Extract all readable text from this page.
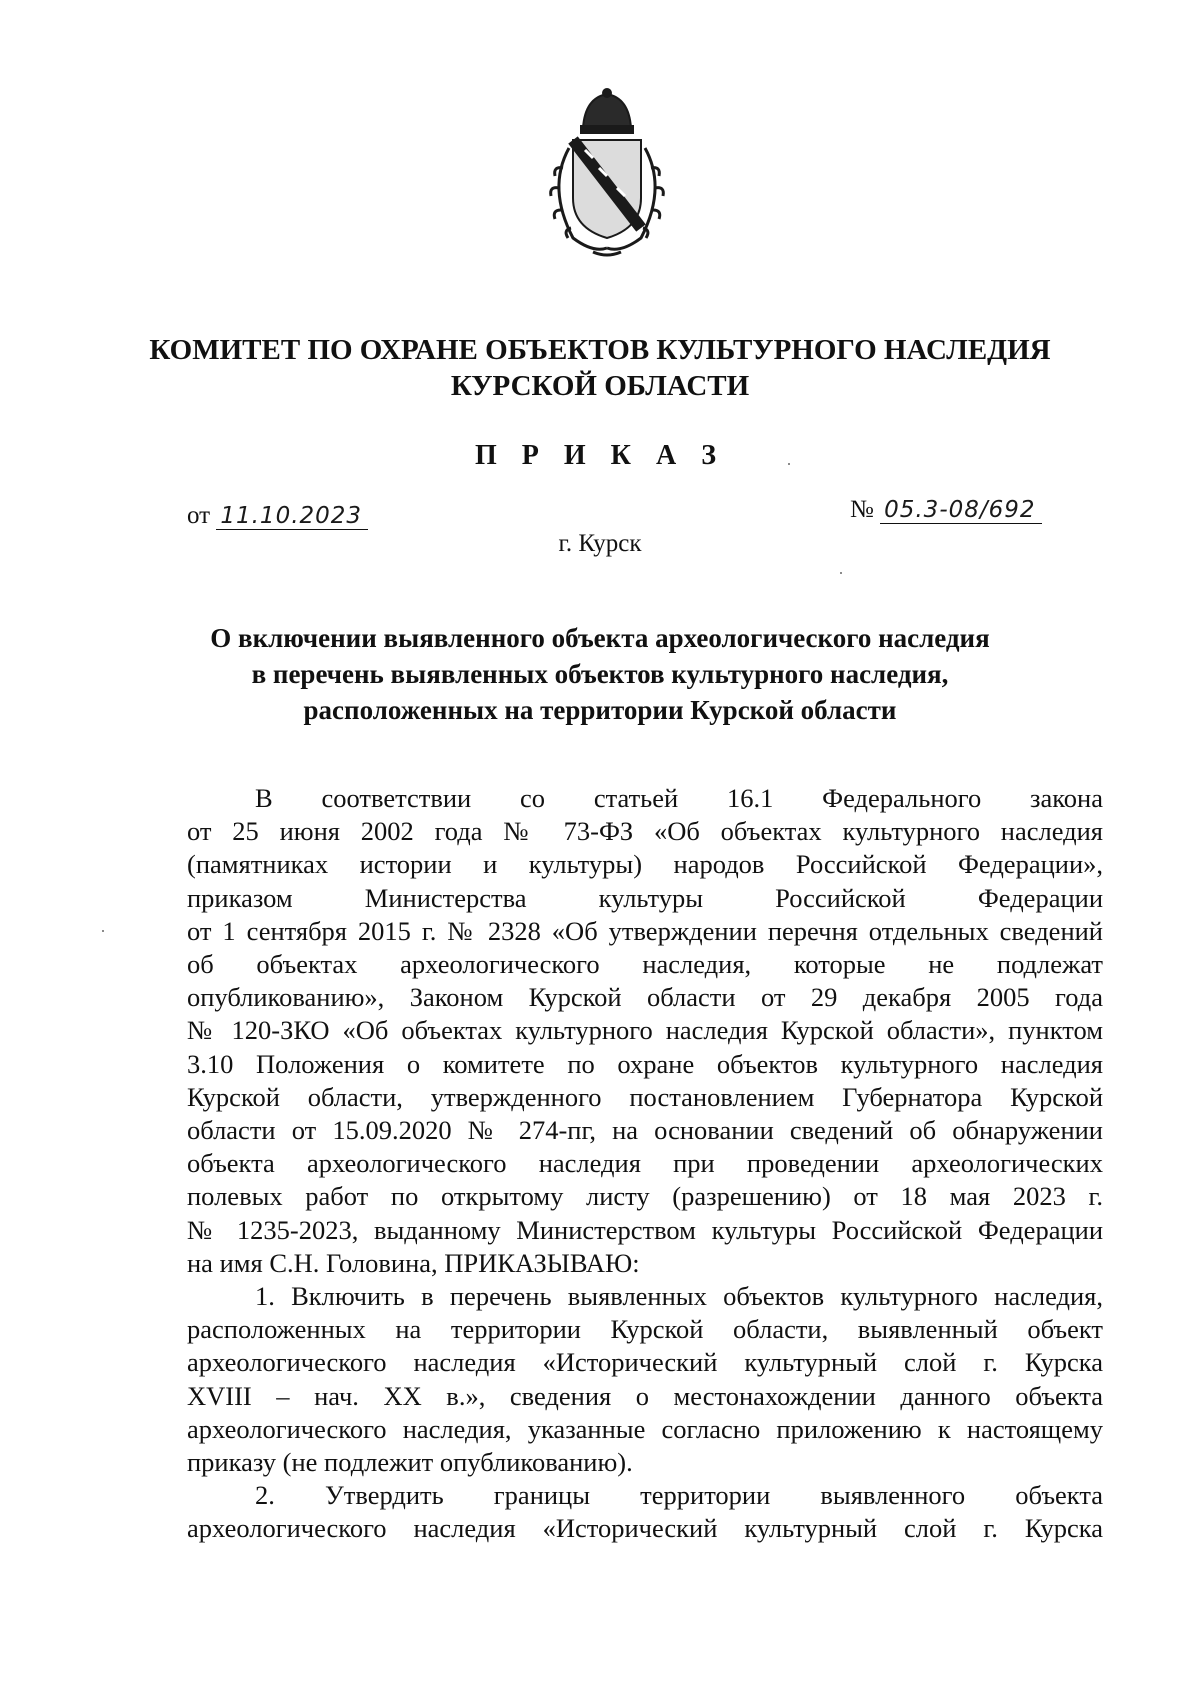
КОМИТЕТ ПО ОХРАНЕ ОБЪЕКТОВ КУЛЬТУРНОГО НАСЛЕДИЯ
КУРСКОЙ ОБЛАСТИ
П Р И К А З
от 11.10.2023	№ 05.3-08/692
г. Курск
О включении выявленного объекта археологического наследия
в перечень выявленных объектов культурного наследия,
расположенных на территории Курской области
В соответствии со статьей 16.1 Федерального закона
от 25 июня 2002 года № 73-ФЗ «Об объектах культурного наследия
(памятниках истории и культуры) народов Российской Федерации»,
приказом Министерства культуры Российской Федерации
от 1 сентября 2015 г. № 2328 «Об утверждении перечня отдельных сведений
об объектах археологического наследия, которые не подлежат
опубликованию», Законом Курской области от 29 декабря 2005 года
№ 120-ЗКО «Об объектах культурного наследия Курской области», пунктом
3.10 Положения о комитете по охране объектов культурного наследия
Курской области, утвержденного постановлением Губернатора Курской
области от 15.09.2020 № 274-пг, на основании сведений об обнаружении
объекта археологического наследия при проведении археологических
полевых работ по открытому листу (разрешению) от 18 мая 2023 г.
№ 1235-2023, выданному Министерством культуры Российской Федерации
на имя С.Н. Головина, ПРИКАЗЫВАЮ:
1. Включить в перечень выявленных объектов культурного наследия,
расположенных на территории Курской области, выявленный объект
археологического наследия «Исторический культурный слой г. Курска
XVIII – нач. XX в.», сведения о местонахождении данного объекта
археологического наследия, указанные согласно приложению к настоящему
приказу (не подлежит опубликованию).
2. Утвердить границы территории выявленного объекта
археологического наследия «Исторический культурный слой г. Курска
